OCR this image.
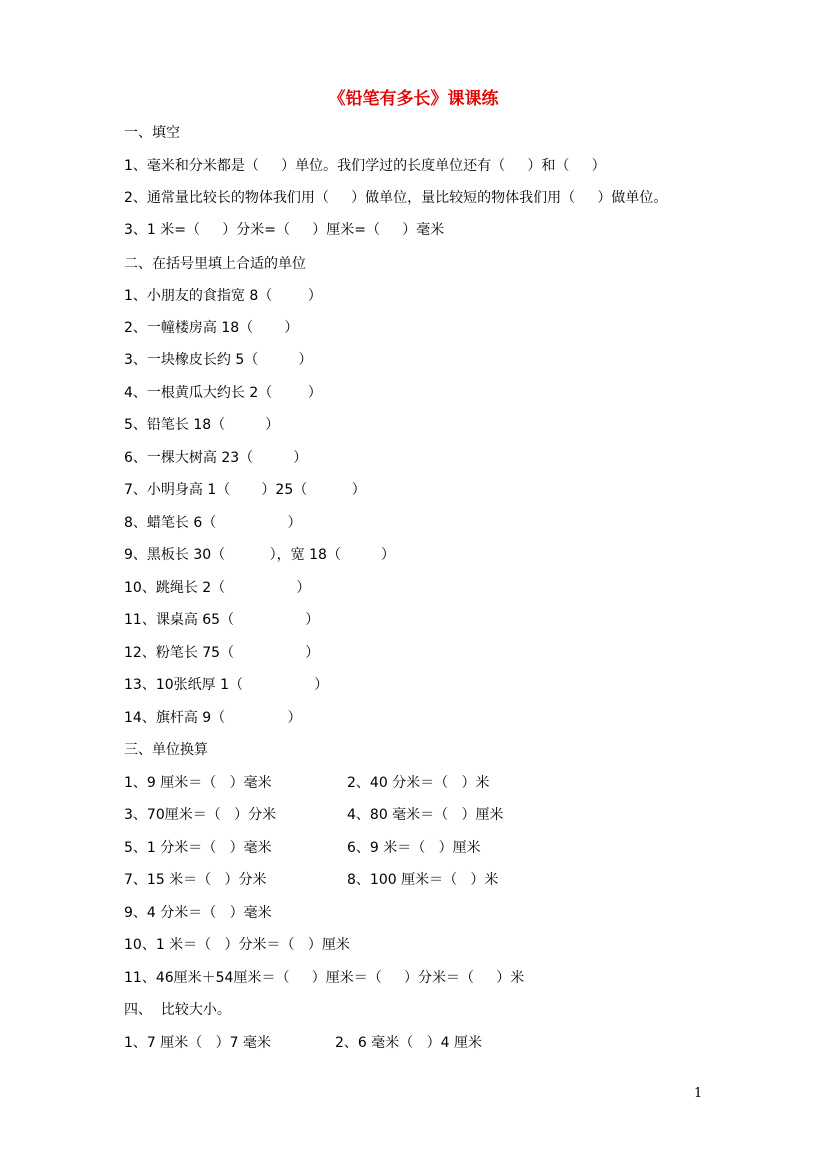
《铅笔有多长》课课练
一、填空
1、毫米和分米都是（     ）单位。我们学过的长度单位还有（     ）和（     ）
2、通常量比较长的物体我们用（     ）做单位，量比较短的物体我们用（     ）做单位。
3、1 米=（     ）分米=（     ）厘米=（     ）毫米
二、在括号里填上合适的单位
1、小朋友的食指宽 8（        ）
2、一幢楼房高 18（       ）
3、一块橡皮长约 5（         ）
4、一根黄瓜大约长 2（        ）
5、铅笔长 18（         ）
6、一棵大树高 23（         ）
7、小明身高 1（       ）25（          ）
8、蜡笔长 6（                ）
9、黑板长 30（          ），宽 18（         ）
10、跳绳长 2（                ）
11、课桌高 65（                ）
12、粉笔长 75（                ）
13、10张纸厚 1（                ）
14、旗杆高 9（              ）
三、单位换算
1、9 厘米＝（   ）毫米	2、40 分米＝（   ）米
3、70厘米＝（   ）分米	4、80 毫米＝（   ）厘米
5、1 分米＝（   ）毫米	6、9 米＝（   ）厘米
7、15 米＝（   ）分米	8、100 厘米＝（   ）米
9、4 分米＝（   ）毫米
10、1 米＝（   ）分米＝（   ）厘米
11、46厘米＋54厘米＝（     ）厘米＝（     ）分米＝（     ）米
四、  比较大小。
1、7 厘米（   ）7 毫米	2、6 毫米（   ）4 厘米
1
